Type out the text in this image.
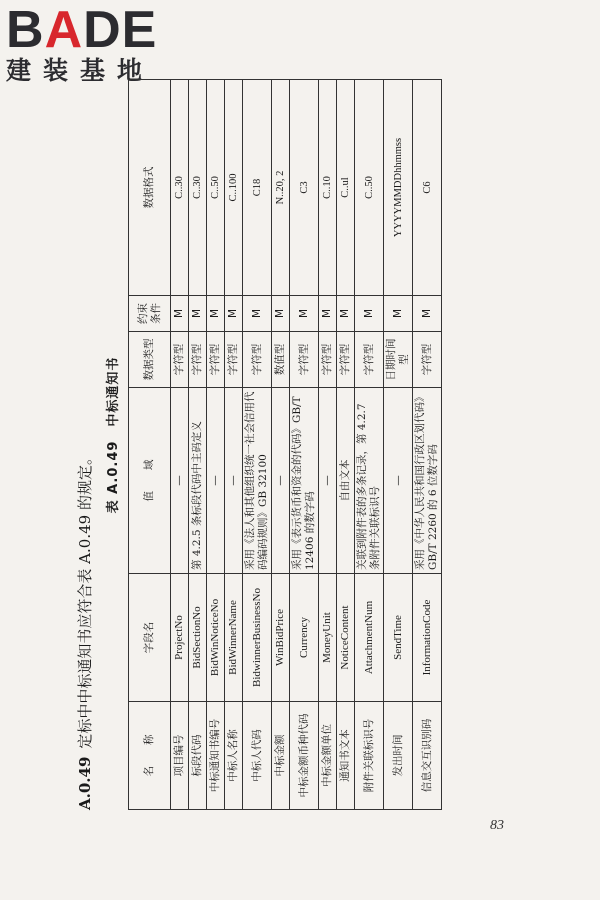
BADE
建装基地
A.0.49定标中中标通知书应符合表 A.0.49 的规定。
表 A.0.49　中标通知书
名　　称	字段名	值　　域	数据类型	约束条件	数据格式
项目编号	ProjectNo	—	字符型	M	C..30
标段代码	BidSectionNo	第 4.2.5 条标段代码中主码定义	字符型	M	C..30
中标通知书编号	BidWinNoticeNo	—	字符型	M	C..50
中标人名称	BidWinnerName	—	字符型	M	C..100
中标人代码	BidwinnerBusinessNo	采用《法人和其他组织统一社会信用代码编码规则》GB 32100	字符型	M	C18
中标金额	WinBidPrice	—	数值型	M	N..20, 2
中标金额币种代码	Currency	采用《表示货币和资金的代码》GB/T 12406 的数字码	字符型	M	C3
中标金额单位	MoneyUnit	—	字符型	M	C..10
通知书文本	NoticeContent	自由文本	字符型	M	C..ul
附件关联标识号	AttachmentNum	关联到附件表的多条记录，第 4.2.7 条附件关联标识号	字符型	M	C..50
发出时间	SendTime	—	日期时间型	M	YYYYMMDDhhmmss
信息交互识别码	InformationCode	采用《中华人民共和国行政区划代码》GB/T 2260 的 6 位数字码	字符型	M	C6
83
